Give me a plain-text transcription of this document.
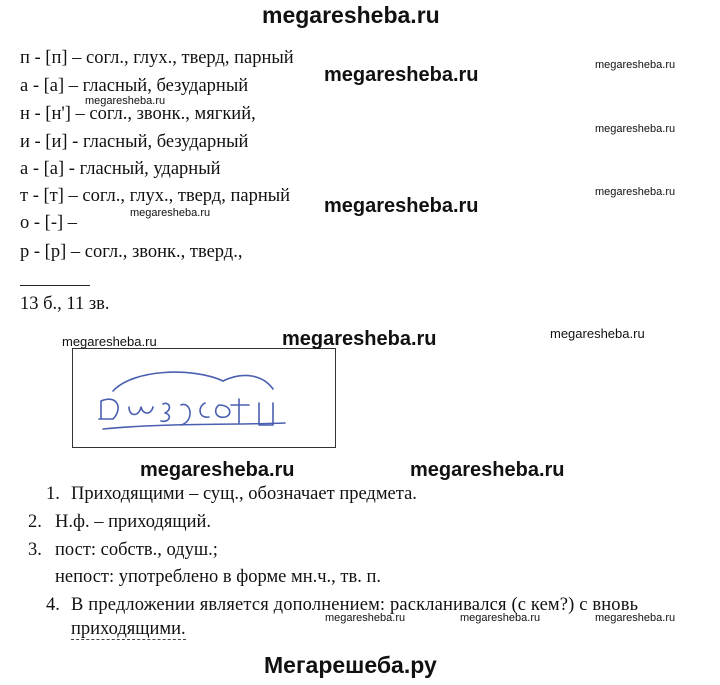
megaresheba.ru
п - [п] – согл., глух., тверд, парный
а - [а] – гласный, безударный
н - [н'] – согл., звонк., мягкий,
и - [и] - гласный, безударный
а - [а] - гласный, ударный
т - [т] – согл., глух., тверд, парный
о - [-] –
р - [р] – согл., звонк., тверд.,
13 б., 11 зв.
1. Приходящими – сущ., обозначает предмета.
2. Н.ф. – приходящий.
3. пост: собств., одуш.;
непост: употреблено в форме мн.ч., тв. п.
4. В предложении является дополнением: раскланивался (с кем?) с вновь
приходящими.
megaresheba.ru
megaresheba.ru
megaresheba.ru
megaresheba.ru	megaresheba.ru
megaresheba.ru
megaresheba.ru
megaresheba.ru
megaresheba.ru
megaresheba.ru
megaresheba.ru
megaresheba.ru
megaresheba.ru	megaresheba.ru	megaresheba.ru
Мегарешеба.ру
